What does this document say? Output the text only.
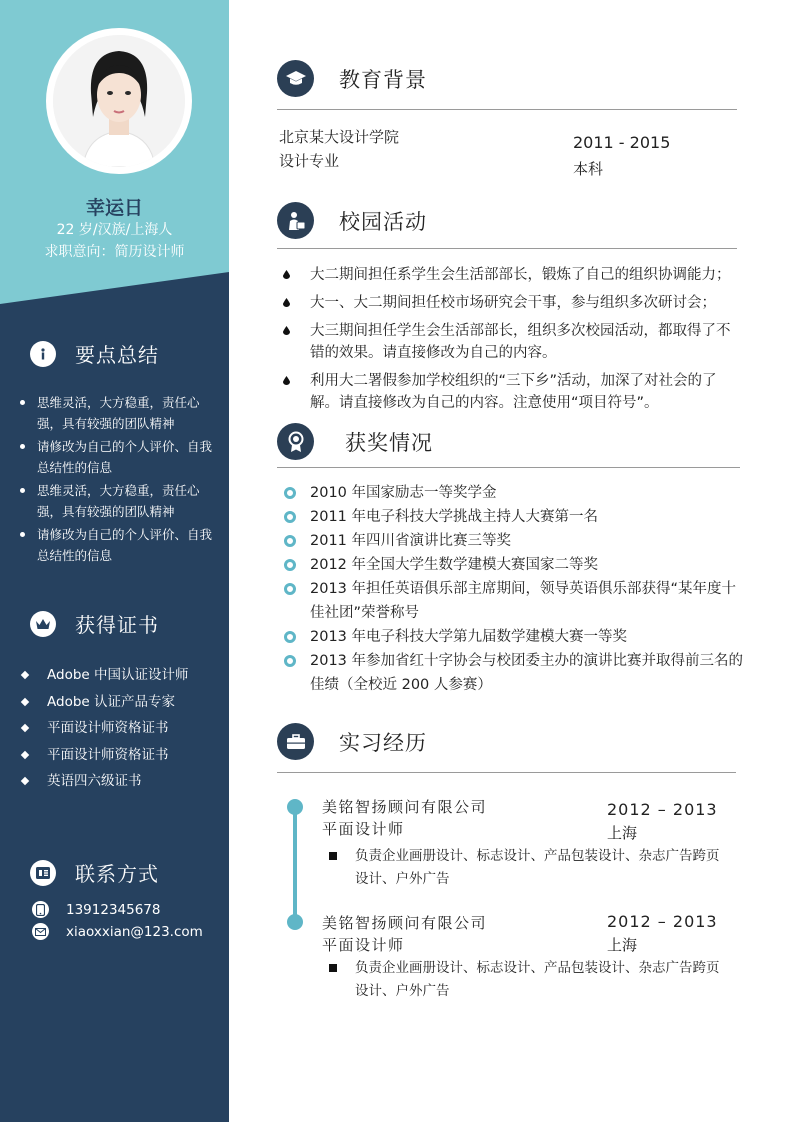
幸运日
22 岁/汉族/上海人
求职意向：简历设计师
要点总结
思维灵活，大方稳重，责任心强，具有较强的团队精神
请修改为自己的个人评价、自我总结性的信息
思维灵活，大方稳重，责任心强，具有较强的团队精神
请修改为自己的个人评价、自我总结性的信息
获得证书
Adobe 中国认证设计师
Adobe 认证产品专家
平面设计师资格证书
平面设计师资格证书
英语四六级证书
联系方式
13912345678
xiaoxxian@123.com
教育背景
北京某大设计学院
设计专业
2011 - 2015
本科
校园活动
大二期间担任系学生会生活部部长，锻炼了自己的组织协调能力；
大一、大二期间担任校市场研究会干事，参与组织多次研讨会；
大三期间担任学生会生活部部长，组织多次校园活动，都取得了不错的效果。请直接修改为自己的内容。
利用大二署假参加学校组织的“三下乡”活动，加深了对社会的了解。请直接修改为自己的内容。注意使用“项目符号”。
获奖情况
2010 年国家励志一等奖学金
2011 年电子科技大学挑战主持人大赛第一名
2011 年四川省演讲比赛三等奖
2012 年全国大学生数学建模大赛国家二等奖
2013 年担任英语俱乐部主席期间，领导英语俱乐部获得“某年度十佳社团”荣誉称号
2013 年电子科技大学第九届数学建模大赛一等奖
2013 年参加省红十字协会与校团委主办的演讲比赛并取得前三名的佳绩（全校近 200 人参赛）
实习经历
美铭智扬顾问有限公司
平面设计师
2012 – 2013
上海
负责企业画册设计、标志设计、产品包装设计、杂志广告跨页设计、户外广告
美铭智扬顾问有限公司
平面设计师
2012 – 2013
上海
负责企业画册设计、标志设计、产品包装设计、杂志广告跨页设计、户外广告
